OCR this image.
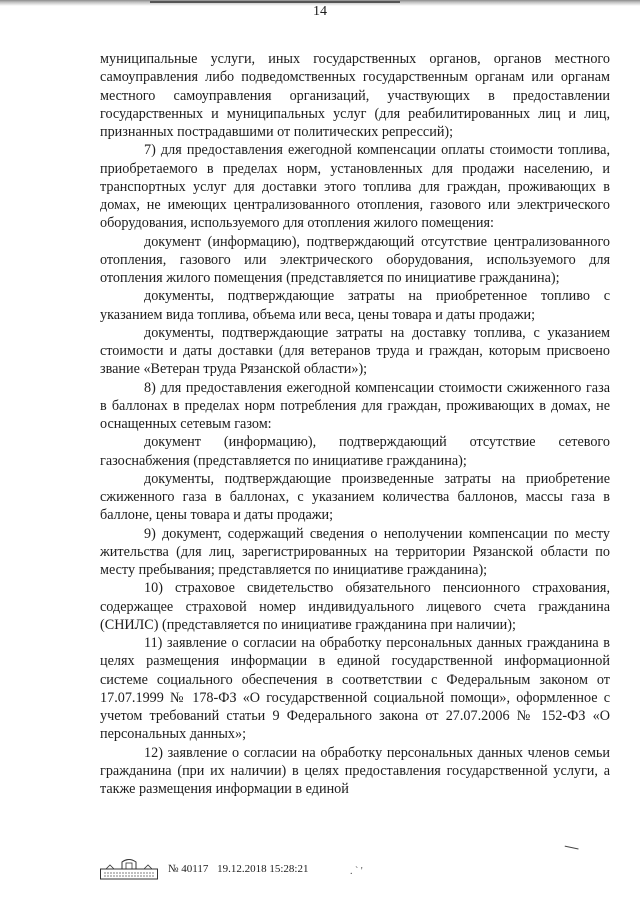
14

муниципальные услуги, иных государственных органов, органов местного самоуправления либо подведомственных государственным органам или органам местного самоуправления организаций, участвующих в предоставлении государственных и муниципальных услуг (для реабилитированных лиц и лиц, признанных пострадавшими от политических репрессий);

7) для предоставления ежегодной компенсации оплаты стоимости топлива, приобретаемого в пределах норм, установленных для продажи населению, и транспортных услуг для доставки этого топлива для граждан, проживающих в домах, не имеющих централизованного отопления, газового или электрического оборудования, используемого для отопления жилого помещения:

документ (информацию), подтверждающий отсутствие централизованного отопления, газового или электрического оборудования, используемого для отопления жилого помещения (представляется по инициативе гражданина);

документы, подтверждающие затраты на приобретенное топливо с указанием вида топлива, объема или веса, цены товара и даты продажи;

документы, подтверждающие затраты на доставку топлива, с указанием стоимости и даты доставки (для ветеранов труда и граждан, которым присвоено звание «Ветеран труда Рязанской области»);

8) для предоставления ежегодной компенсации стоимости сжиженного газа в баллонах в пределах норм потребления для граждан, проживающих в домах, не оснащенных сетевым газом:

документ (информацию), подтверждающий отсутствие сетевого газоснабжения (представляется по инициативе гражданина);

документы, подтверждающие произведенные затраты на приобретение сжиженного газа в баллонах, с указанием количества баллонов, массы газа в баллоне, цены товара и даты продажи;

9) документ, содержащий сведения о неполучении компенсации по месту жительства (для лиц, зарегистрированных на территории Рязанской области по месту пребывания; представляется по инициативе гражданина);

10) страховое свидетельство обязательного пенсионного страхования, содержащее страховой номер индивидуального лицевого счета гражданина (СНИЛС) (представляется по инициативе гражданина при наличии);

11) заявление о согласии на обработку персональных данных гражданина в целях размещения информации в единой государственной информационной системе социального обеспечения в соответствии с Федеральным законом от 17.07.1999 № 178-ФЗ «О государственной социальной помощи», оформленное с учетом требований статьи 9 Федерального закона от 27.07.2006 № 152-ФЗ «О персональных данных»;

12) заявление о согласии на обработку персональных данных членов семьи гражданина (при их наличии) в целях предоставления государственной услуги, а также размещения информации в единой

№ 40117 19.12.2018 15:28:21	. ` '
